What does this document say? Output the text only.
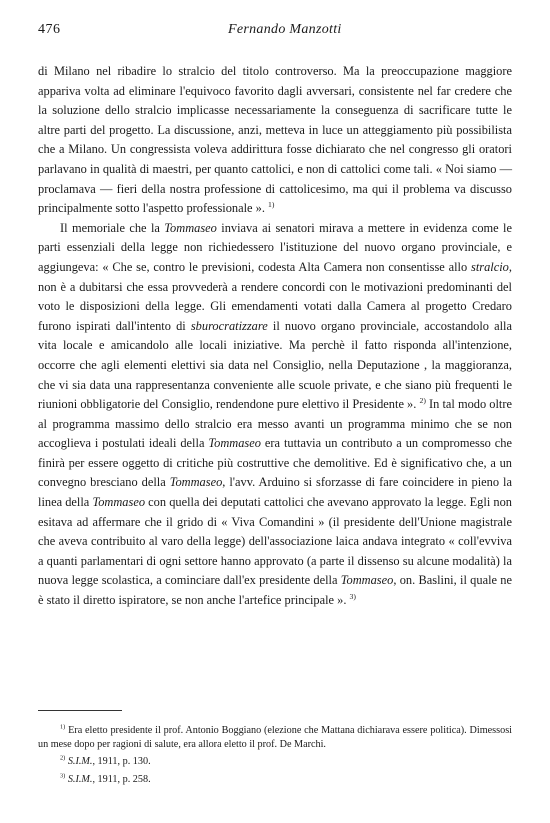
476	Fernando Manzotti

di Milano nel ribadire lo stralcio del titolo controverso. Ma la preoccupazione maggiore appariva volta ad eliminare l'equivoco favorito dagli avversari, consistente nel far credere che la soluzione dello stralcio implicasse necessariamente la conseguenza di sacrificare tutte le altre parti del progetto. La discussione, anzi, metteva in luce un atteggiamento più possibilista che a Milano. Un congressista voleva addirittura fosse dichiarato che nel congresso gli oratori parlavano in qualità di maestri, per quanto cattolici, e non di cattolici come tali. « Noi siamo — proclamava — fieri della nostra professione di cattolicesimo, ma qui il problema va discusso principalmente sotto l'aspetto professionale ». $^{1)}$

Il memoriale che la Tommaseo inviava ai senatori mirava a mettere in evidenza come le parti essenziali della legge non richiedessero l'istituzione del nuovo organo provinciale, e aggiungeva: « Che se, contro le previsioni, codesta Alta Camera non consentisse allo stralcio, non è a dubitarsi che essa provvederà a rendere concordi con le motivazioni predominanti del voto le disposizioni della legge. Gli emendamenti votati dalla Camera al progetto Credaro furono ispirati dall'intento di sburocratizzare il nuovo organo provinciale, accostandolo alla vita locale e amicandolo alle locali iniziative. Ma perchè il fatto risponda all'intenzione, occorre che agli elementi elettivi sia data nel Consiglio, nella Deputazione , la maggioranza, che vi sia data una rappresentanza conveniente alle scuole private, e che siano più frequenti le riunioni obbligatorie del Consiglio, rendendone pure elettivo il Presidente ». $^{2)}$ In tal modo oltre al programma massimo dello stralcio era messo avanti un programma minimo che se non accoglieva i postulati ideali della Tommaseo era tuttavia un contributo a un compromesso che finirà per essere oggetto di critiche più costruttive che demolitive. Ed è significativo che, a un convegno bresciano della Tommaseo, l'avv. Arduino si sforzasse di fare coincidere in pieno la linea della Tommaseo con quella dei deputati cattolici che avevano approvato la legge. Egli non esitava ad affermare che il grido di « Viva Comandini » (il presidente dell'Unione magistrale che aveva contribuito al varo della legge) dell'associazione laica andava integrato « coll'evviva a quanti parlamentari di ogni settore hanno approvato (a parte il dissenso su alcune modalità) la nuova legge scolastica, a cominciare dall'ex presidente della Tommaseo, on. Baslini, il quale ne è stato il diretto ispiratore, se non anche l'artefice principale ». $^{3)}$

$^{1)}$ Era eletto presidente il prof. Antonio Boggiano (elezione che Mattana dichiarava essere politica). Dimessosi un mese dopo per ragioni di salute, era allora eletto il prof. De Marchi.

$^{2)}$ S.I.M., 1911, p. 130.

$^{3)}$ S.I.M., 1911, p. 258.
